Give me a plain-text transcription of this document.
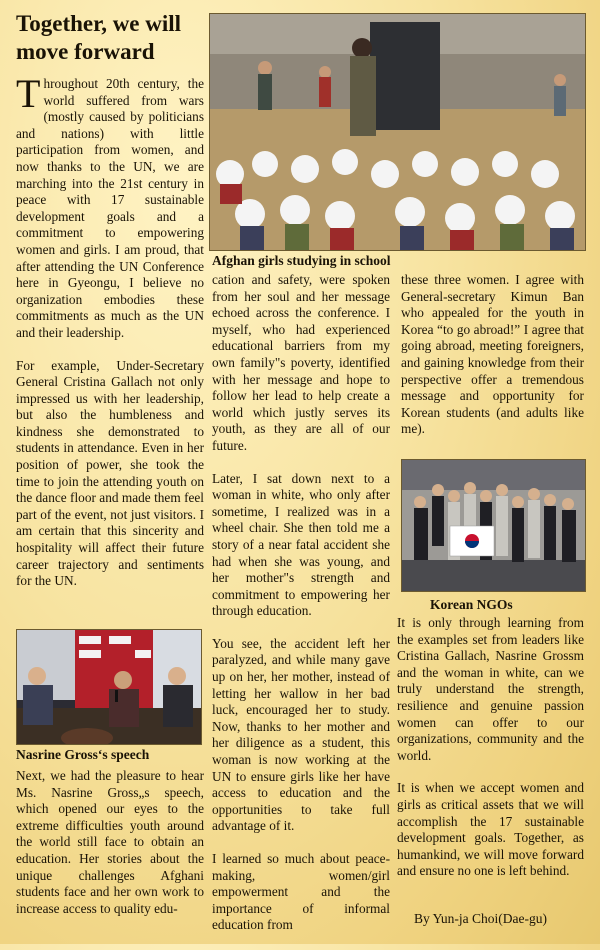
Together, we will move forward

Throughout 20th century, the world suffered from wars (mostly caused by politicians and nations) with little participation from women, and now thanks to the UN, we are marching into the 21st century in peace with 17 sustainable development goals and a commitment to empowering women and girls. I am proud, that after attending the UN Conference here in Gyeongu, I believe no organization embodies these commitments as much as the UN and their leadership.

For example, Under-Secretary General Cristina Gallach not only impressed us with her leadership, but also the humbleness and kindness she demonstrated to students in attendance. Even in her position of power, she took the time to join the attending youth on the dance floor and made them feel part of the event, not just visitors. I am certain that this sincerity and hospitality will affect their future career trajectory and sentiments for the UN.

Nasrine Gross‘s speech

Next, we had the pleasure to hear Ms. Nasrine Gross„s speech, which opened our eyes to the extreme difficulties youth around the world still face to obtain an education. Her stories about the unique challenges Afghani students face and her own work to increase access to quality edu-

Afghan girls studying in school

cation and safety, were spoken from her soul and her message echoed across the conference. I myself, who had experienced educational barriers from my own family"s poverty, identified with her message and hope to follow her lead to help create a world which justly serves its youth, as they are all of our future.

Later, I sat down next to a woman in white, who only after sometime, I realized was in a wheel chair. She then told me a story of a near fatal accident she had when she was young, and her mother"s strength and commitment to empowering her through education.

You see, the accident left her paralyzed, and while many gave up on her, her mother, instead of letting her wallow in her bad luck, encouraged her to study. Now, thanks to her mother and her diligence as a student, this woman is now working at the UN to ensure girls like her have access to education and the opportunities to take full advantage of it.

I learned so much about peace-making, women/girl empowerment and the importance of informal education from

these three women. I agree with General-secretary Kimun Ban who appealed for the youth in Korea “to go abroad!” I agree that going abroad, meeting foreigners, and gaining knowledge from their perspective offer a tremendous message and opportunity for Korean students (and adults like me).

Korean NGOs

It is only through learning from the examples set from leaders like Cristina Gallach, Nasrine Grossm and the woman in white, can we truly understand the strength, resilience and genuine passion women can offer to our organizations, community and the world.

It is when we accept women and girls as critical assets that we will accomplish the 17 sustainable development goals. Together, as humankind, we will move forward and ensure no one is left behind.

By Yun-ja Choi(Dae-gu)
